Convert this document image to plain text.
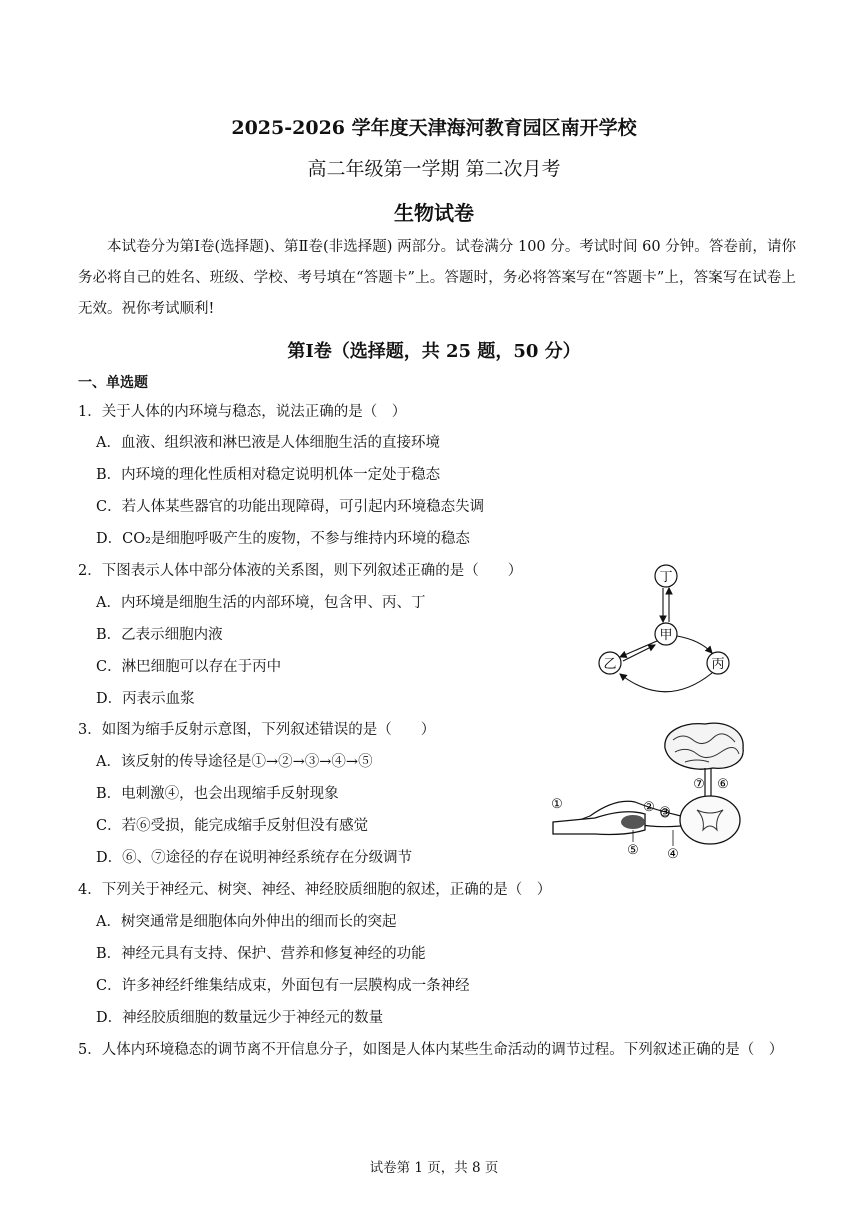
2025-2026 学年度天津海河教育园区南开学校
高二年级第一学期 第二次月考
生物试卷
本试卷分为第Ⅰ卷(选择题)、第Ⅱ卷(非选择题) 两部分。试卷满分 100 分。考试时间 60 分钟。答卷前，请你务必将自己的姓名、班级、学校、考号填在“答题卡”上。答题时，务必将答案写在“答题卡”上，答案写在试卷上无效。祝你考试顺利!
第Ⅰ卷（选择题，共 25 题，50 分）
一、单选题
1．关于人体的内环境与稳态，说法正确的是（　）
A．血液、组织液和淋巴液是人体细胞生活的直接环境
B．内环境的理化性质相对稳定说明机体一定处于稳态
C．若人体某些器官的功能出现障碍，可引起内环境稳态失调
D．CO₂是细胞呼吸产生的废物，不参与维持内环境的稳态
2．下图表示人体中部分体液的关系图，则下列叙述正确的是（　　）
A．内环境是细胞生活的内部环境，包含甲、丙、丁
B．乙表示细胞内液
C．淋巴细胞可以存在于丙中
D．丙表示血浆
丁
甲
乙	丙
3．如图为缩手反射示意图，下列叙述错误的是（　　）
A．该反射的传导途径是①→②→③→④→⑤
B．电刺激④，也会出现缩手反射现象
C．若⑥受损，能完成缩手反射但没有感觉
D．⑥、⑦途径的存在说明神经系统存在分级调节
①	② ③
④
⑤
⑥
⑦
4．下列关于神经元、树突、神经、神经胶质细胞的叙述，正确的是（　）
A．树突通常是细胞体向外伸出的细而长的突起
B．神经元具有支持、保护、营养和修复神经的功能
C．许多神经纤维集结成束，外面包有一层膜构成一条神经
D．神经胶质细胞的数量远少于神经元的数量
5．人体内环境稳态的调节离不开信息分子，如图是人体内某些生命活动的调节过程。下列叙述正确的是（　）
试卷第 1 页，共 8 页
